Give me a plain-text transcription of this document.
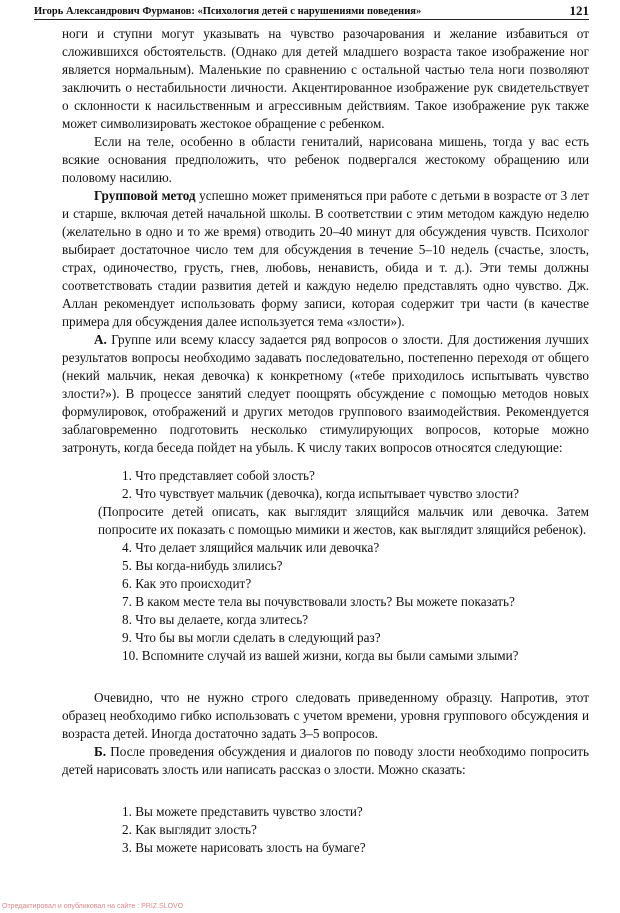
Игорь Александрович Фурманов: «Психология детей с нарушениями поведения»	121

ноги и ступни могут указывать на чувство разочарования и желание избавиться от сложившихся обстоятельств. (Однако для детей младшего возраста такое изображение ног является нормальным). Маленькие по сравнению с остальной частью тела ноги позволяют заключить о нестабильности личности. Акцентированное изображение рук свидетельствует о склонности к насильственным и агрессивным действиям. Такое изображение рук также может символизировать жестокое обращение с ребенком.

Если на теле, особенно в области гениталий, нарисована мишень, тогда у вас есть всякие основания предположить, что ребенок подвергался жестокому обращению или половому насилию.

Групповой метод успешно может применяться при работе с детьми в возрасте от 3 лет и старше, включая детей начальной школы. В соответствии с этим методом каждую неделю (желательно в одно и то же время) отводить 20–40 минут для обсуждения чувств. Психолог выбирает достаточное число тем для обсуждения в течение 5–10 недель (счастье, злость, страх, одиночество, грусть, гнев, любовь, ненависть, обида и т. д.). Эти темы должны соответствовать стадии развития детей и каждую неделю представлять одно чувство. Дж. Аллан рекомендует использовать форму записи, которая содержит три части (в качестве примера для обсуждения далее используется тема «злости»).

А. Группе или всему классу задается ряд вопросов о злости. Для достижения лучших результатов вопросы необходимо задавать последовательно, постепенно переходя от общего (некий мальчик, некая девочка) к конкретному («тебе приходилось испытывать чувство злости?»). В процессе занятий следует поощрять обсуждение с помощью методов новых формулировок, отображений и других методов группового взаимодействия. Рекомендуется заблаговременно подготовить несколько стимулирующих вопросов, которые можно затронуть, когда беседа пойдет на убыль. К числу таких вопросов относятся следующие:

1. Что представляет собой злость?
2. Что чувствует мальчик (девочка), когда испытывает чувство злости?
(Попросите детей описать, как выглядит злящийся мальчик или девочка. Затем попросите их показать с помощью мимики и жестов, как выглядит злящийся ребенок).
4. Что делает злящийся мальчик или девочка?
5. Вы когда-нибудь злились?
6. Как это происходит?
7. В каком месте тела вы почувствовали злость? Вы можете показать?
8. Что вы делаете, когда злитесь?
9. Что бы вы могли сделать в следующий раз?
10. Вспомните случай из вашей жизни, когда вы были самыми злыми?

Очевидно, что не нужно строго следовать приведенному образцу. Напротив, этот образец необходимо гибко использовать с учетом времени, уровня группового обсуждения и возраста детей. Иногда достаточно задать 3–5 вопросов.

Б. После проведения обсуждения и диалогов по поводу злости необходимо попросить детей нарисовать злость или написать рассказ о злости. Можно сказать:

1. Вы можете представить чувство злости?
2. Как выглядит злость?
3. Вы можете нарисовать злость на бумаге?
Отредактировал и опубликовал на сайте : PRIZ.SLOVO
